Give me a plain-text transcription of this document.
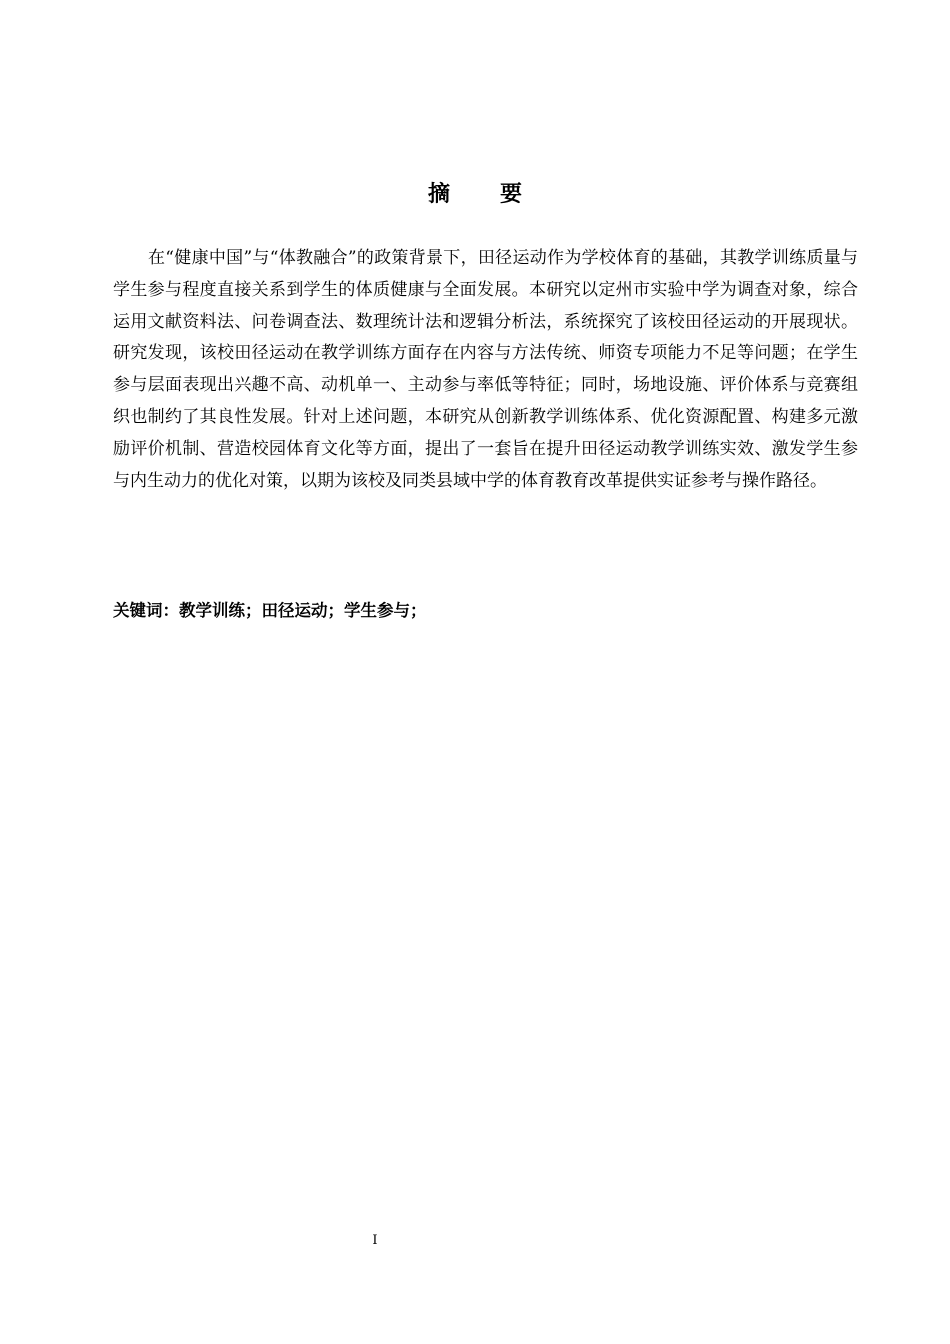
摘　要

在“健康中国”与“体教融合”的政策背景下，田径运动作为学校体育的基础，其教学训练质量与学生参与程度直接关系到学生的体质健康与全面发展。本研究以定州市实验中学为调查对象，综合运用文献资料法、问卷调查法、数理统计法和逻辑分析法，系统探究了该校田径运动的开展现状。研究发现，该校田径运动在教学训练方面存在内容与方法传统、师资专项能力不足等问题；在学生参与层面表现出兴趣不高、动机单一、主动参与率低等特征；同时，场地设施、评价体系与竞赛组织也制约了其良性发展。针对上述问题，本研究从创新教学训练体系、优化资源配置、构建多元激励评价机制、营造校园体育文化等方面，提出了一套旨在提升田径运动教学训练实效、激发学生参与内生动力的优化对策，以期为该校及同类县域中学的体育教育改革提供实证参考与操作路径。

关键词：教学训练；田径运动；学生参与；

I
